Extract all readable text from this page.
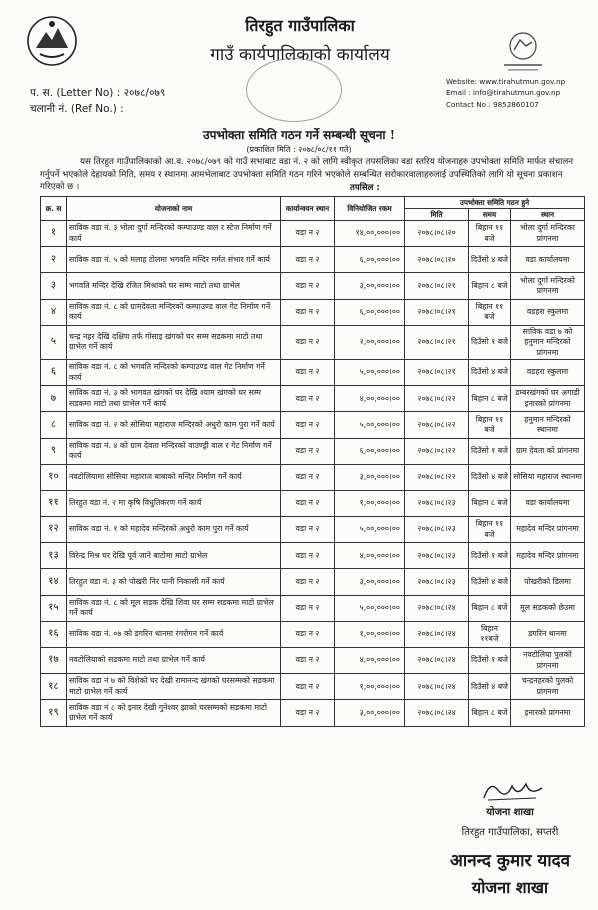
तिरहुत गाउँपालिका
गाउँ कार्यपालिकाको कार्यालय
प. स. (Letter No) : २०७८/०७९
चलानी नं. (Ref No.) :
Website: www.tirahutmun.gov.np
Email : info@tirahutmun.gov.np
Contact No : 9852860107
उपभोक्ता समिति गठन गर्ने सम्बन्धी सूचना !
(प्रकाशित मिति : २०७८/०८/११ गते)
यस तिरहुत गाउँपालिकाको आ.व. २०७८/०७९ को गाउँ सभाबाट वडा नं. २ को लागि स्वीकृत तपसलिका वडा स्तरिय योजनाहरु उपभोक्ता समिति मार्फत संचालन गर्नुपर्ने भएकोले देहायको मिति, समय र स्थानमा आमभेलाबाट उपभोक्ता समिति गठन गरिने भएकोले सम्बन्धित सरोकारवालाहरुलाई उपस्थितिको लागि यो सूचना प्रकाशन गरिएको छ ।	तपसिल :
क्र. स	योजनाको नाम	कार्यान्वयन स्थान	विनियोजित रकम	उपभोक्ता समिति गठन हुने		
				मिति	समय	स्थान
१	साविक वडा नं. ३ भोला दुर्गा मन्दिरको कम्पाउण्ड वाल र स्टेज निर्माण गर्ने कार्य	वडा न २	१४,००,०००।००	२०७८।०८।२०	बिहान ११ बजे	भोला दुर्गा मन्दिरका प्रांगनमा
२	साविक वडा नं. ५ को मलाह टोलमा भगवति मन्दिर मर्मत संभार गर्ने कार्य	वडा न २	६,००,०००।००	२०७८।०८।२०	दिउँसो ४ बजे	वडा कार्यालयमा
३	भगवति मन्दिर देखि रंजित मिश्राको घर सम्म माटो तथा ग्राभेल	वडा न २	३,००,०००।००	२०७८।०८।२१	बिहान ८ बजे	भोला दुर्गा मन्दिरको प्रांगनमा
४	साविक वडा नं. ८ को ग्रामदेवता मन्दिरको कम्पाउण्ड वाल गेट निर्माण गर्ने कार्य	वडा न २	६,००,०००।००	२०७८।०८।२१	बिहान ११ बजे	वडहरा स्कुलमा
५	चन्द्र नहर देखि दक्षिण तर्फ गोसाइ खंगको घर सम्म सडकमा माटो तथा ग्राभेल गर्ने कार्य	वडा न २	२,००,०००।००	२०७८।०८।२१	दिउँसो १ बजे	साविक वडा ७ को हनुमान मन्दिरको प्रांगनमा
६	साविक वडा नं. ८ को भगवति मन्दिरको कम्पाउण्ड वाल गेट निर्माण गर्ने कार्य	वडा न २	५,००,०००।००	२०७८।०८।२१	दिउँसो ४ बजे	वडहरा स्कुलमा
७	साविक वडा नं. ३ को भागवत खंगको घर देखि श्याम खंगको घर सम्म सडकमा माटो तथा ग्राभेल गर्ने कार्य	वडा न २	४,००,०००।००	२०७८।०८।२२	बिहान ८ बजे	डम्बरखंगको घर अगाडी इनारको प्रांगनमा
८	साविक वडा नं. २ को सोसिया महाराज मन्दिरको अधुरो काम पुरा गर्ने कार्य	वडा न २	५,००,०००।००	२०७८।०८।२२	बिहान ११ बजे	हनुमान मन्दिरको स्थानमा
९	साविक वडा नं. ४ को ग्राम देवता मन्दिरको वाउण्ड्री वाल र गेट निर्माण गर्ने कार्य	वडा न २	६,००,०००।००	२०७८।०८।२२	दिउँसो १ बजे	ग्राम देवता को प्रांगनमा
१०	नवटोलियामा सोसिया महाराज बाबाको मन्दिर निर्माण गर्ने कार्य	वडा न २	३,००,०००।००	२०७८।०८।२२	दिउँसो ४ बजे	सोसिया महाराज स्थानमा
११	तिरहुत वडा नं. २ मा कृषि विधुतिकरण गर्ने कार्य	वडा न २	१,००,०००।००	२०७८।०८।२३	बिहान ८ बजे	वडा कार्यालयमा
१२	साविक वडा नं. १ को महादेव मन्दिरको अधुरो काम पुरा गर्ने कार्य	वडा न २	५,००,०००।००	२०७८।०८।२३	बिहान ११ बजे	महादेव मन्दिर प्रांगनमा
१३	विरेन्द्र मिश्र घर देखि पूर्व जाने बाटोमा माटो ग्राभेल	वडा न २	४,००,०००।००	२०७८।०८।२३	दिउँसो १ बजे	महादेव मन्दिर प्रांगनमा
१४	तिरहुत वडा नं. ३ को पोखरी निर पानी निकासी गर्ने कार्य	वडा न २	३,००,०००।००	२०७८।०८।२३	दिउँसो ४ बजे	पोखरीको डिलमा
१५	साविक वडा नं. ८ को मूल सडक देखि शिवा घर सम्म सडकमा माटो ग्राभेल गर्ने कार्य	वडा न २	५,००,०००।००	२०७८।०८।२४	बिहान ८ बजे	मूल सडकको छेउमा
१६	साविक वडा नं. ०७ को डगरिन थानमा रंगरोगन गर्ने कार्य	वडा न २	१,००,०००।००	२०७८।०८।२४	बिहान ११बजे	डगरिन थानमा
१७	नवटोलियाको सडकमा माटो तथा ग्राभेल गर्ने कार्य	वडा न २	४,००,०००।००	२०७८।०८।२४	दिउँसो १ बजे	नवटोलिया पुलको प्रांगनमा
१८	साविक वडा नं ७ को विशेको घर देखी रामानन्द खंगको घरसम्मको सडकमा माटो ग्राभेल गर्ने कार्य	वडा न २	१,००,०००।००	२०७८।०८।२४	दिउँसो ४ बजे	चन्द्रनहरको पुलको प्रांगनमा
१९	साविक वडा नं ८ को इनार देखी गुनेश्वर झाको घरसम्मको सडकमा माटो ग्राभेल गर्ने कार्य	वडा न २	३,००,०००।००	२०७८।०८।२४	बिहान ८ बजे	इनारको प्रांगनमा
योजना शाखा
तिरहुत गाउँपालिका, सप्तरी
आनन्द कुमार यादव
योजना शाखा
